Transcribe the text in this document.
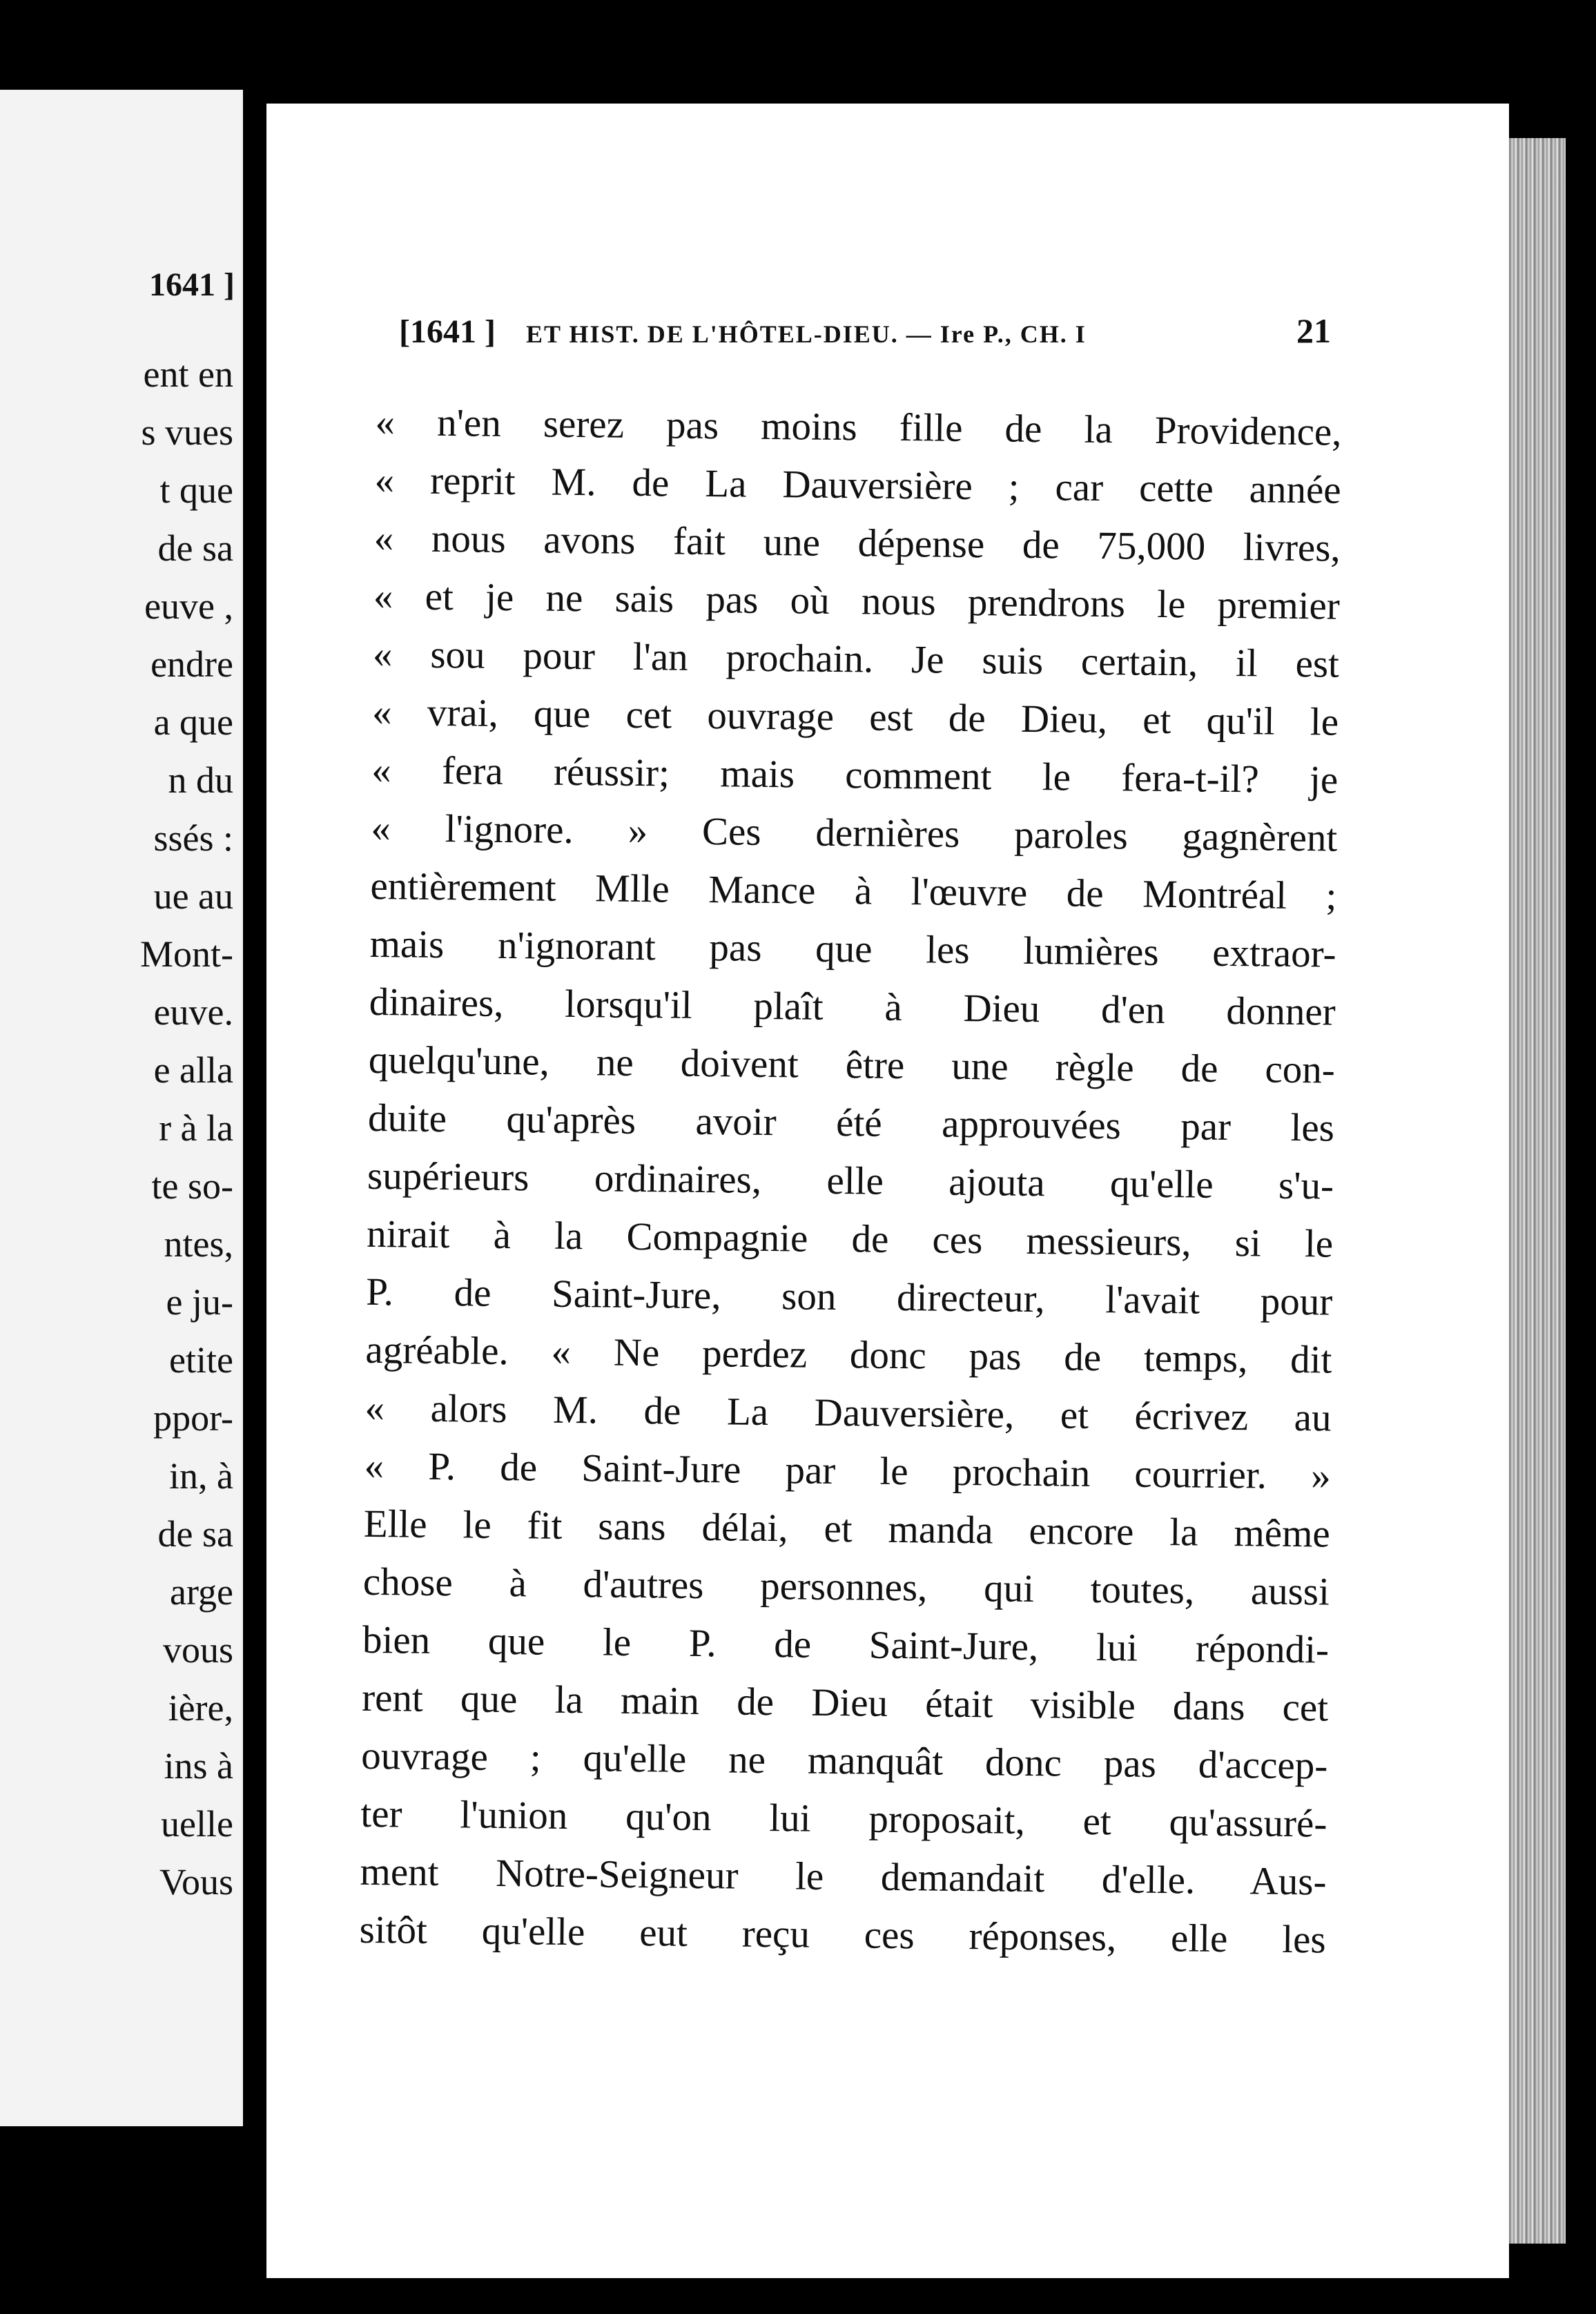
1641 ]
ent en
s vues
t que
de sa
euve ,
endre
a que
n du
ssés :
ue au
Mont-
euve.
e alla
r à la
te so-
ntes,
e ju-
etite
ppor-
in, à
de sa
arge
vous
ière,
ins à
uelle
Vous
[1641 ] ET HIST. DE L'HÔTEL-DIEU. — Ire P., CH. I	21
« n'en serez pas moins fille de la Providence,
« reprit M. de La Dauversière ; car cette année
« nous avons fait une dépense de 75,000 livres,
« et je ne sais pas où nous prendrons le premier
« sou pour l'an prochain. Je suis certain, il est
« vrai, que cet ouvrage est de Dieu, et qu'il le
« fera réussir; mais comment le fera-t-il? je
« l'ignore. » Ces dernières paroles gagnèrent
entièrement Mlle Mance à l'œuvre de Montréal ;
mais n'ignorant pas que les lumières extraor-
dinaires, lorsqu'il plaît à Dieu d'en donner
quelqu'une, ne doivent être une règle de con-
duite qu'après avoir été approuvées par les
supérieurs ordinaires, elle ajouta qu'elle s'u-
nirait à la Compagnie de ces messieurs, si le
P. de Saint-Jure, son directeur, l'avait pour
agréable. « Ne perdez donc pas de temps, dit
« alors M. de La Dauversière, et écrivez au
« P. de Saint-Jure par le prochain courrier. »
Elle le fit sans délai, et manda encore la même
chose à d'autres personnes, qui toutes, aussi
bien que le P. de Saint-Jure, lui répondi-
rent que la main de Dieu était visible dans cet
ouvrage ; qu'elle ne manquât donc pas d'accep-
ter l'union qu'on lui proposait, et qu'assuré-
ment Notre-Seigneur le demandait d'elle. Aus-
sitôt qu'elle eut reçu ces réponses, elle les
